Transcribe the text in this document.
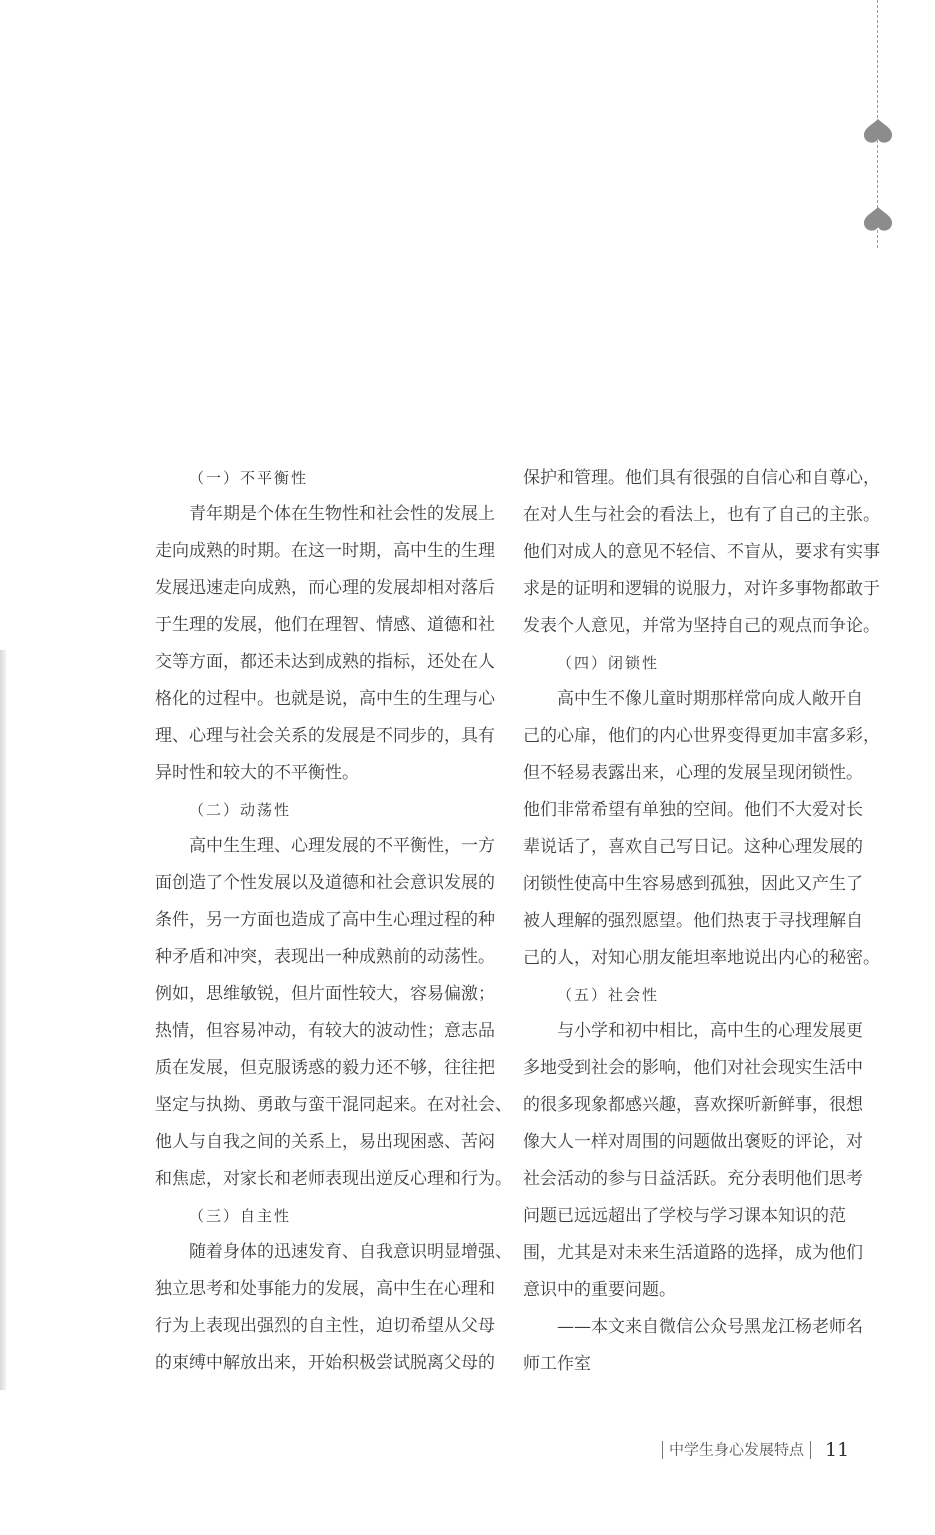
（一）不平衡性
青年期是个体在生物性和社会性的发展上
走向成熟的时期。在这一时期，高中生的生理
发展迅速走向成熟，而心理的发展却相对落后
于生理的发展，他们在理智、情感、道德和社
交等方面，都还未达到成熟的指标，还处在人
格化的过程中。也就是说，高中生的生理与心
理、心理与社会关系的发展是不同步的，具有
异时性和较大的不平衡性。
（二）动荡性
高中生生理、心理发展的不平衡性，一方
面创造了个性发展以及道德和社会意识发展的
条件，另一方面也造成了高中生心理过程的种
种矛盾和冲突，表现出一种成熟前的动荡性。
例如，思维敏锐，但片面性较大，容易偏激；
热情，但容易冲动，有较大的波动性；意志品
质在发展，但克服诱惑的毅力还不够，往往把
坚定与执拗、勇敢与蛮干混同起来。在对社会、
他人与自我之间的关系上，易出现困惑、苦闷
和焦虑，对家长和老师表现出逆反心理和行为。
（三）自主性
随着身体的迅速发育、自我意识明显增强、
独立思考和处事能力的发展，高中生在心理和
行为上表现出强烈的自主性，迫切希望从父母
的束缚中解放出来，开始积极尝试脱离父母的
保护和管理。他们具有很强的自信心和自尊心，
在对人生与社会的看法上，也有了自己的主张。
他们对成人的意见不轻信、不盲从，要求有实事
求是的证明和逻辑的说服力，对许多事物都敢于
发表个人意见，并常为坚持自己的观点而争论。
（四）闭锁性
高中生不像儿童时期那样常向成人敞开自
己的心扉，他们的内心世界变得更加丰富多彩，
但不轻易表露出来，心理的发展呈现闭锁性。
他们非常希望有单独的空间。他们不大爱对长
辈说话了，喜欢自己写日记。这种心理发展的
闭锁性使高中生容易感到孤独，因此又产生了
被人理解的强烈愿望。他们热衷于寻找理解自
己的人，对知心朋友能坦率地说出内心的秘密。
（五）社会性
与小学和初中相比，高中生的心理发展更
多地受到社会的影响，他们对社会现实生活中
的很多现象都感兴趣，喜欢探听新鲜事，很想
像大人一样对周围的问题做出褒贬的评论，对
社会活动的参与日益活跃。充分表明他们思考
问题已远远超出了学校与学习课本知识的范
围，尤其是对未来生活道路的选择，成为他们
意识中的重要问题。
——本文来自微信公众号黑龙江杨老师名
师工作室
中学生身心发展特点 11
